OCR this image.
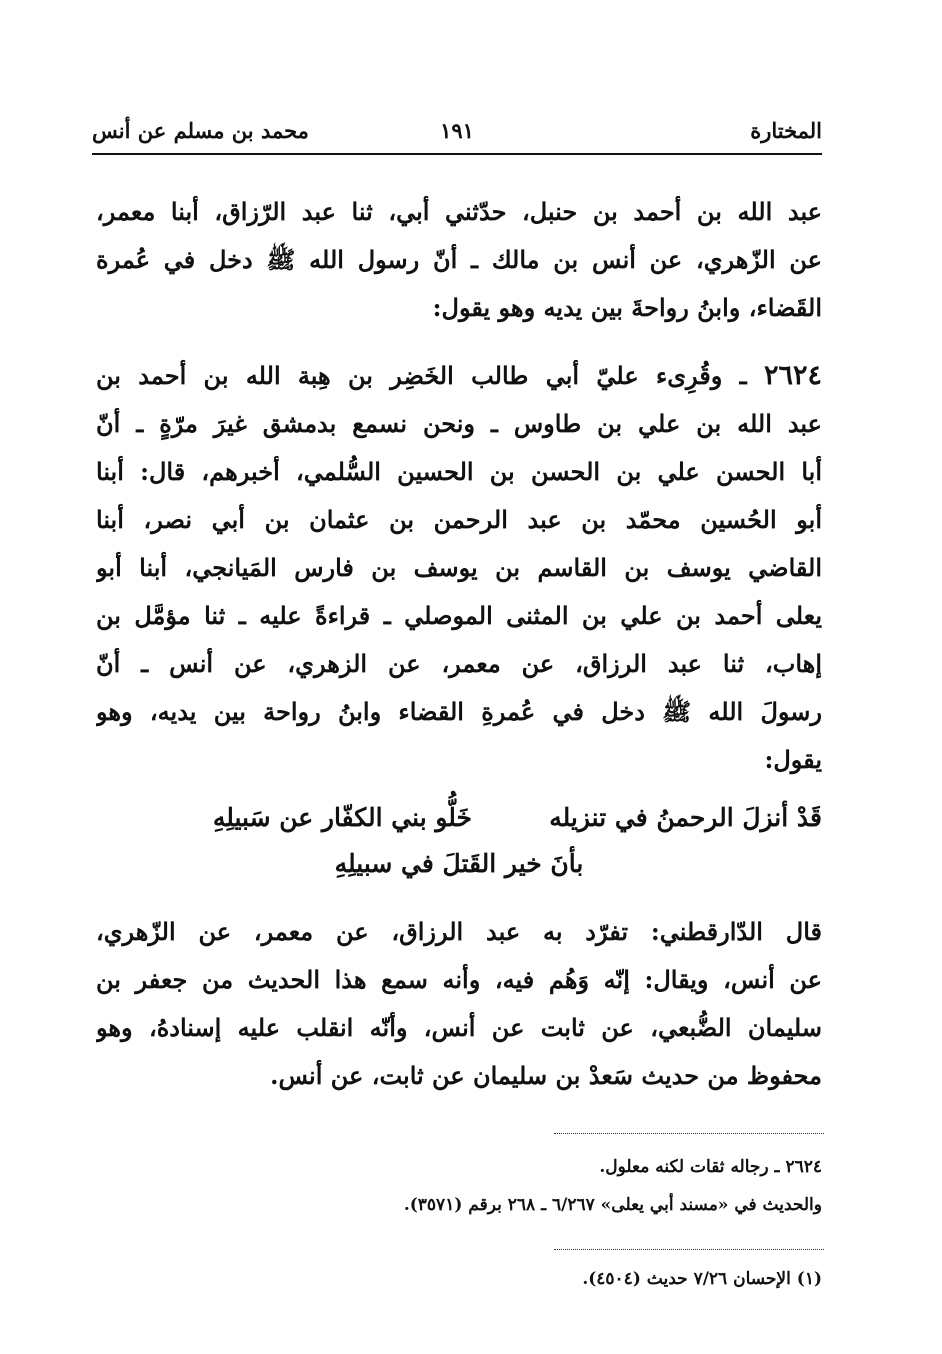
المختارة
١٩١
محمد بن مسلم عن أنس
عبد الله بن أحمد بن حنبل، حدّثني أبي، ثنا عبد الرّزاق، أبنا معمر،
عن الزّهري، عن أنس بن مالك ـ أنّ رسول الله ﷺ دخل في عُمرة
القَضاء، وابنُ رواحةَ بين يديه وهو يقول:
٢٦٢٤ ـ وقُرِىء عليّ أبي طالب الخَضِر بن هِبة الله بن أحمد بن
عبد الله بن علي بن طاوس ـ ونحن نسمع بدمشق غيرَ مرّةٍ ـ أنّ
أبا الحسن علي بن الحسن بن الحسين السُّلمي، أخبرهم، قال: أبنا
أبو الحُسين محمّد بن عبد الرحمن بن عثمان بن أبي نصر، أبنا
القاضي يوسف بن القاسم بن يوسف بن فارس المَيانجي، أبنا أبو
يعلى أحمد بن علي بن المثنى الموصلي ـ قراءةً عليه ـ ثنا مؤمَّل بن
إهاب، ثنا عبد الرزاق، عن معمر، عن الزهري، عن أنس ـ أنّ
رسولَ الله ﷺ دخل في عُمرةِ القضاء وابنُ رواحة بين يديه، وهو
يقول:
قَدْ أنزلَ الرحمنُ في تنزيله
خَلُّو بني الكفّار عن سَبيلِهِ
بأنَ خير القَتلَ في سبيلِهِ
قال الدّارقطني: تفرّد به عبد الرزاق، عن معمر، عن الزّهري،
عن أنس، ويقال: إنّه وَهُم فيه، وأنه سمع هذا الحديث من جعفر بن
سليمان الضُّبعي، عن ثابت عن أنس، وأنّه انقلب عليه إسنادهُ، وهو
محفوظ من حديث سَعدْ بن سليمان عن ثابت، عن أنس.
٢٦٢٤ ـ رجاله ثقات لكنه معلول.
والحديث في «مسند أبي يعلى» ٦/٢٦٧ ـ ٢٦٨ برقم (٣٥٧١).
(١) الإحسان ٧/٢٦ حديث (٤٥٠٤).
